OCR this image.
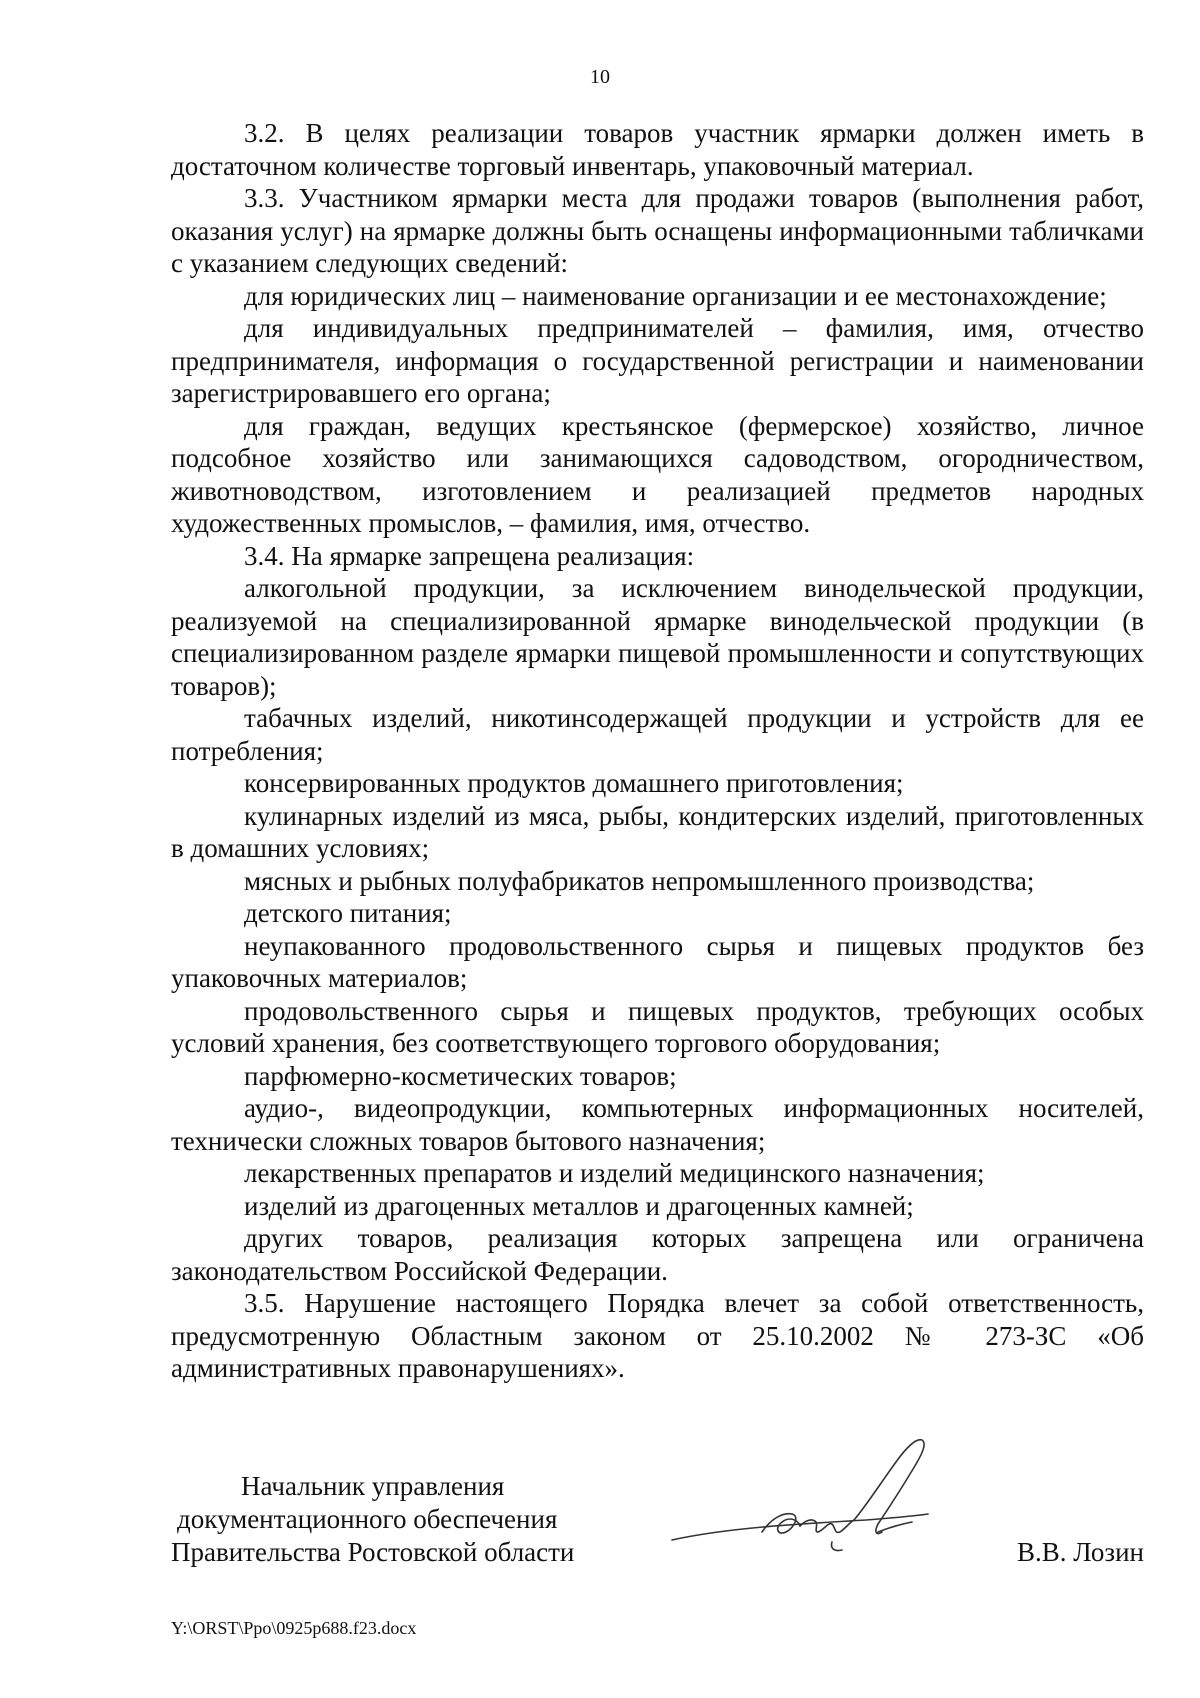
10

3.2. В целях реализации товаров участник ярмарки должен иметь в достаточном количестве торговый инвентарь, упаковочный материал.

3.3. Участником ярмарки места для продажи товаров (выполнения работ, оказания услуг) на ярмарке должны быть оснащены информационными табличками с указанием следующих сведений:

для юридических лиц – наименование организации и ее местонахождение;

для индивидуальных предпринимателей – фамилия, имя, отчество предпринимателя, информация о государственной регистрации и наименовании зарегистрировавшего его органа;

для граждан, ведущих крестьянское (фермерское) хозяйство, личное подсобное хозяйство или занимающихся садоводством, огородничеством, животноводством, изготовлением и реализацией предметов народных художественных промыслов, – фамилия, имя, отчество.

3.4. На ярмарке запрещена реализация:

алкогольной продукции, за исключением винодельческой продукции, реализуемой на специализированной ярмарке винодельческой продукции (в специализированном разделе ярмарки пищевой промышленности и сопутствующих товаров);

табачных изделий, никотинсодержащей продукции и устройств для ее потребления;

консервированных продуктов домашнего приготовления;

кулинарных изделий из мяса, рыбы, кондитерских изделий, приготовленных в домашних условиях;

мясных и рыбных полуфабрикатов непромышленного производства;

детского питания;

неупакованного продовольственного сырья и пищевых продуктов без упаковочных материалов;

продовольственного сырья и пищевых продуктов, требующих особых условий хранения, без соответствующего торгового оборудования;

парфюмерно-косметических товаров;

аудио-, видеопродукции, компьютерных информационных носителей, технически сложных товаров бытового назначения;

лекарственных препаратов и изделий медицинского назначения;

изделий из драгоценных металлов и драгоценных камней;

других товаров, реализация которых запрещена или ограничена законодательством Российской Федерации.

3.5. Нарушение настоящего Порядка влечет за собой ответственность, предусмотренную Областным законом от 25.10.2002 № 273-ЗС «Об административных правонарушениях».

Начальник управления
документационного обеспечения
Правительства Ростовской области	В.В. Лозин
Y:\ORST\Ppo\0925p688.f23.docx
